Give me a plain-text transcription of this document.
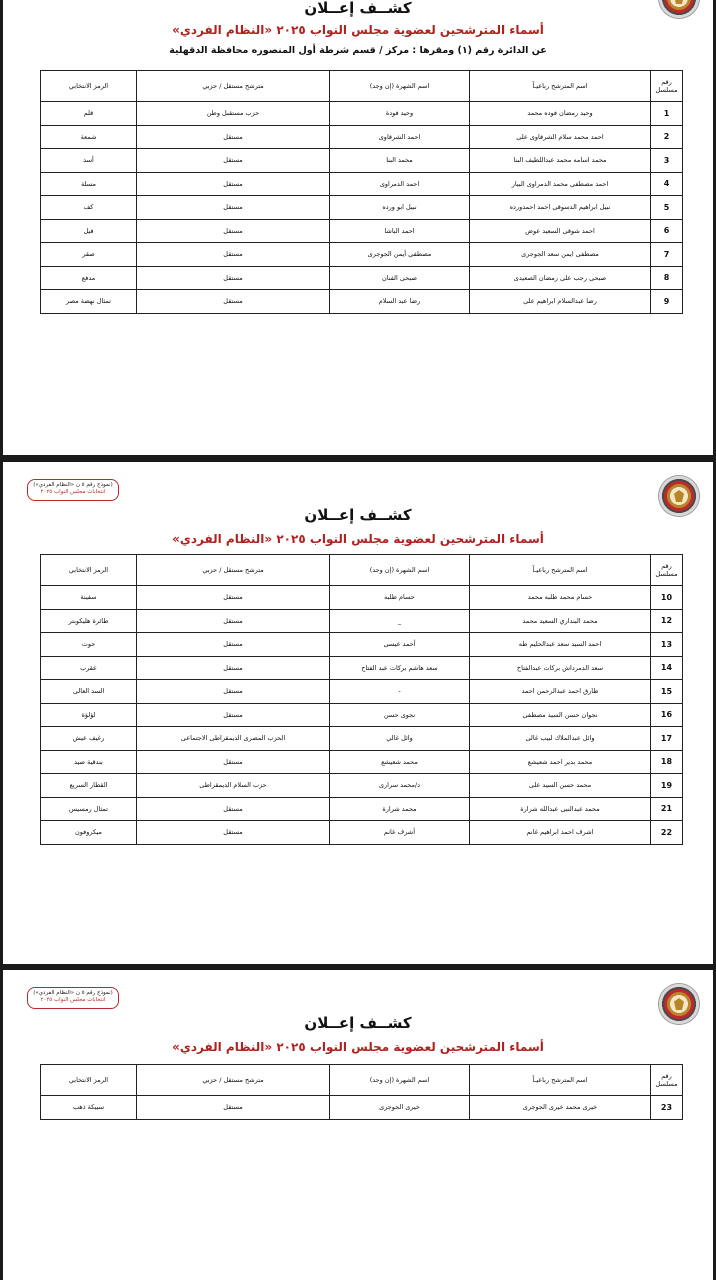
كشــف إعــلان
أسماء المترشحين لعضوية مجلس النواب ٢٠٢٥ «النظام الفردي»
عن الدائرة رقم (١) ومقرها : مركز / قسم شرطة أول المنصوره محافظة الدقهلية
رقم مسلسل	اسم المترشح رباعيـاً	اسم الشهرة (إن وجد)	مترشح مستقل / حزبي	الرمز الانتخابي
1	وحيد رمضان فوده محمد	وحيد فودة	حزب مستقبل وطن	قلم
2	احمد محمد سلام الشرقاوى على	احمد الشرقاوى	مستقل	شمعة
3	محمد اسامه محمد عبداللطيف البنا	محمد البنا	مستقل	أسد
4	احمد مصطفى محمد الدمراوى البيار	احمد الدمراوى	مستقل	مسلة
5	نبيل ابراهيم الدسوقى احمد احمدورده	نبيل ابو ورده	مستقل	كف
6	احمد شوقى السعيد عوض	احمد الباشا	مستقل	فيل
7	مصطفى ايمن سعد الجوجرى	مصطفى أيمن الجوجرى	مستقل	صقر
8	صبحى رجب على رمضان الصعيدى	صبحى الفنان	مستقل	مدفع
9	رضا عبدالسلام ابراهيم على	رضا عبد السلام	مستقل	تمثال نهضة مصر
(نموذج رقم ٥ ن «النظام الفردي»)
انتخابات مجلس النواب ٢٠٢٥
كشــف إعــلان
أسماء المترشحين لعضوية مجلس النواب ٢٠٢٥ «النظام الفردي»
رقم مسلسل	اسم المترشح رباعيـاً	اسم الشهرة (إن وجد)	مترشح مستقل / حزبي	الرمز الانتخابي
10	حسام محمد طلبه محمد	حسام طلبه	مستقل	سفينة
12	محمد البنداري السعيد محمد	_	مستقل	طائرة هليكوبتر
13	احمد السيد سعد عبدالحليم طه	أحمد عيسى	مستقل	حوت
14	سعد الدمرداش بركات عبدالفتاح	سعد هاشم بركات عبد الفتاح	مستقل	عقرب
15	طارق احمد عبدالرحمن احمد	-	مستقل	السد العالى
16	نجوان حسن السيد مصطفى	نجوى حسن	مستقل	لؤلؤة
17	وائل عبدالملاك لبيب غالى	وائل غالي	الحزب المصرى الديمقراطى الاجتماعى	رغيف عيش
18	محمد بدير احمد شعيشع	محمد شعيشع	مستقل	بندقية صيد
19	محمد حسن السيد على	د/محمد سرارى	حزب السلام الديمقراطى	القطار السريع
21	محمد عبدالنبى عبدالله شرارة	محمد شرارة	مستقل	تمثال رمسيس
22	اشرف احمد ابراهيم غانم	أشرف غانم	مستقل	ميكروفون
(نموذج رقم ٥ ن «النظام الفردي»)
انتخابات مجلس النواب ٢٠٢٥
كشــف إعــلان
أسماء المترشحين لعضوية مجلس النواب ٢٠٢٥ «النظام الفردي»
رقم مسلسل	اسم المترشح رباعيـاً	اسم الشهرة (إن وجد)	مترشح مستقل / حزبي	الرمز الانتخابي
23	خيرى محمد خيرى الجوجرى	خيرى الجوجرى	مستقل	سبيكة ذهب
